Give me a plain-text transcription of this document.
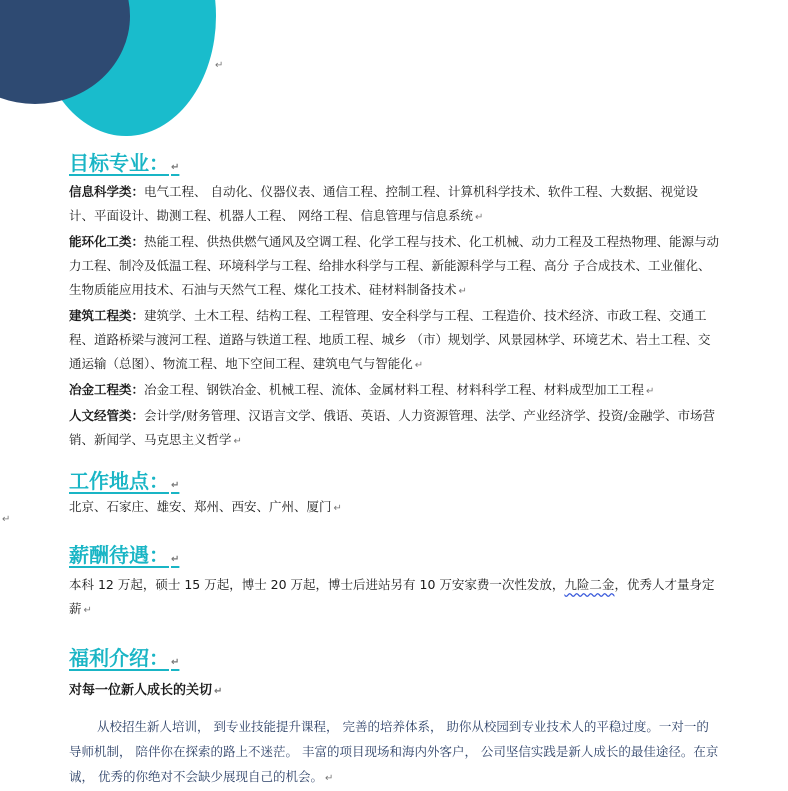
↵
目标专业： ↵

信息科学类：电气工程、 自动化、仪器仪表、通信工程、控制工程、计算机科学技术、软件工程、大数据、视觉设计、平面设计、勘测工程、机器人工程、 网络工程、信息管理与信息系统 ↵

能环化工类：热能工程、供热供燃气通风及空调工程、化学工程与技术、化工机械、动力工程及工程热物理、能源与动力工程、制冷及低温工程、环境科学与工程、给排水科学与工程、新能源科学与工程、高分 子合成技术、工业催化、生物质能应用技术、石油与天然气工程、煤化工技术、硅材料制备技术 ↵

建筑工程类：建筑学、土木工程、结构工程、工程管理、安全科学与工程、工程造价、技术经济、市政工程、交通工程、道路桥梁与渡河工程、道路与铁道工程、地质工程、城乡 （市）规划学、风景园林学、环境艺术、岩土工程、交通运输（总图）、物流工程、地下空间工程、建筑电气与智能化 ↵

冶金工程类：冶金工程、钢铁冶金、机械工程、流体、金属材料工程、材料科学工程、材料成型加工工程 ↵

人文经管类：会计学/财务管理、汉语言文学、俄语、英语、人力资源管理、法学、产业经济学、投资/金融学、市场营销、新闻学、马克思主义哲学 ↵

工作地点： ↵
北京、石家庄、雄安、郑州、西安、广州、厦门 ↵
↵
薪酬待遇： ↵
本科 12 万起，硕士 15 万起，博士 20 万起，博士后进站另有 10 万安家费一次性发放，九险二金，优秀人才量身定薪 ↵
福利介绍： ↵
对每一位新人成长的关切 ↵
从校招生新人培训， 到专业技能提升课程， 完善的培养体系， 助你从校园到专业技术人的平稳过度。一对一的导师机制， 陪伴你在探索的路上不迷茫。 丰富的项目现场和海内外客户， 公司坚信实践是新人成长的最佳途径。在京诚， 优秀的你绝对不会缺少展现自己的机会。 ↵
